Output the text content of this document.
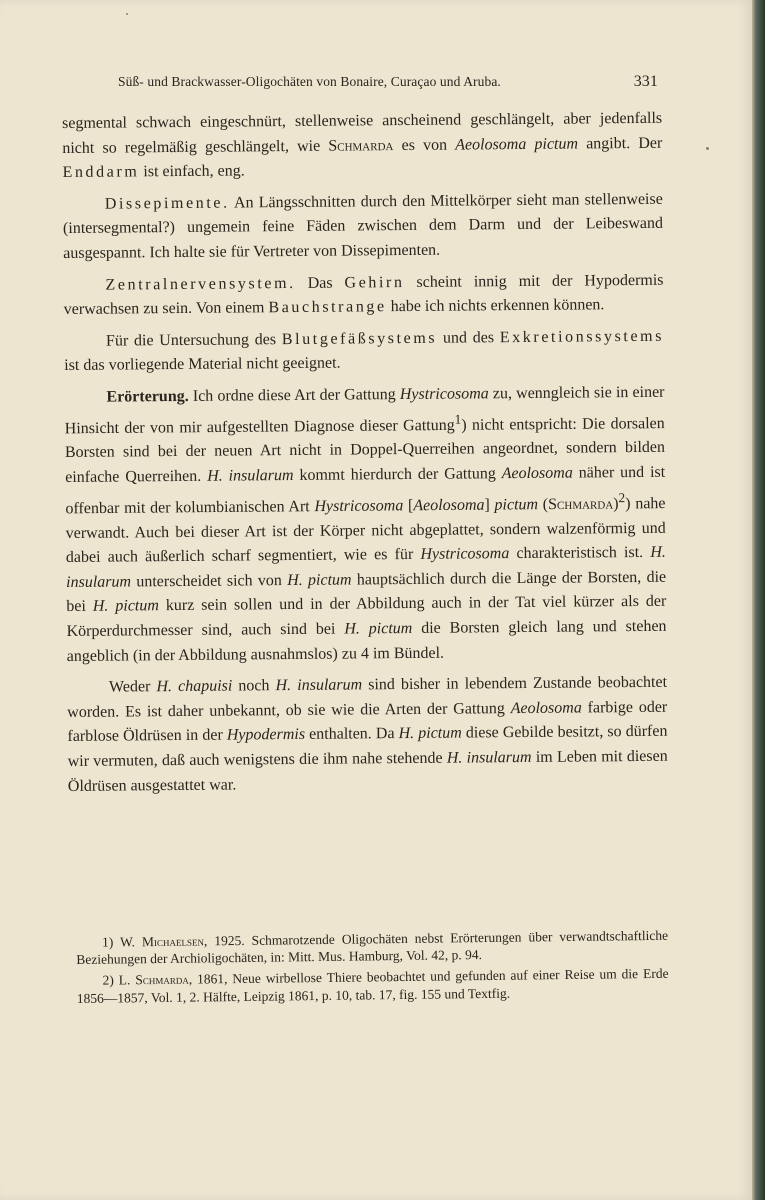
Süß- und Brackwasser-Oligochäten von Bonaire, Curaçao und Aruba.	331

segmental schwach eingeschnürt, stellenweise anscheinend geschlängelt, aber jedenfalls nicht so regelmäßig geschlängelt, wie Schmarda es von Aeolosoma pictum angibt. Der Enddarm ist einfach, eng.

Dissepimente. An Längsschnitten durch den Mittelkörper sieht man stellenweise (intersegmental?) ungemein feine Fäden zwischen dem Darm und der Leibeswand ausgespannt. Ich halte sie für Vertreter von Dissepimenten.

Zentralnervensystem. Das Gehirn scheint innig mit der Hypodermis verwachsen zu sein. Von einem Bauchstrange habe ich nichts erkennen können.

Für die Untersuchung des Blutgefäßsystems und des Exkretionssystems ist das vorliegende Material nicht geeignet.

Erörterung. Ich ordne diese Art der Gattung Hystricosoma zu, wenngleich sie in einer Hinsicht der von mir aufgestellten Diagnose dieser Gattung$^1$) nicht entspricht: Die dorsalen Borsten sind bei der neuen Art nicht in Doppel-Querreihen angeordnet, sondern bilden einfache Querreihen. H. insularum kommt hierdurch der Gattung Aeolosoma näher und ist offenbar mit der kolumbianischen Art Hystricosoma [Aeolosoma] pictum (Schmarda)$^2$) nahe verwandt. Auch bei dieser Art ist der Körper nicht abgeplattet, sondern walzenförmig und dabei auch äußerlich scharf segmentiert, wie es für Hystricosoma charakteristisch ist. H. insularum unterscheidet sich von H. pictum hauptsächlich durch die Länge der Borsten, die bei H. pictum kurz sein sollen und in der Abbildung auch in der Tat viel kürzer als der Körperdurchmesser sind, auch sind bei H. pictum die Borsten gleich lang und stehen angeblich (in der Abbildung ausnahmslos) zu 4 im Bündel.

Weder H. chapuisi noch H. insularum sind bisher in lebendem Zustande beobachtet worden. Es ist daher unbekannt, ob sie wie die Arten der Gattung Aeolosoma farbige oder farblose Öldrüsen in der Hypodermis enthalten. Da H. pictum diese Gebilde besitzt, so dürfen wir vermuten, daß auch wenigstens die ihm nahe stehende H. insularum im Leben mit diesen Öldrüsen ausgestattet war.

1) W. Michaelsen, 1925. Schmarotzende Oligochäten nebst Erörterungen über verwandtschaftliche Beziehungen der Archioligochäten, in: Mitt. Mus. Hamburg, Vol. 42, p. 94.

2) L. Schmarda, 1861, Neue wirbellose Thiere beobachtet und gefunden auf einer Reise um die Erde 1856—1857, Vol. 1, 2. Hälfte, Leipzig 1861, p. 10, tab. 17, fig. 155 und Textfig.
